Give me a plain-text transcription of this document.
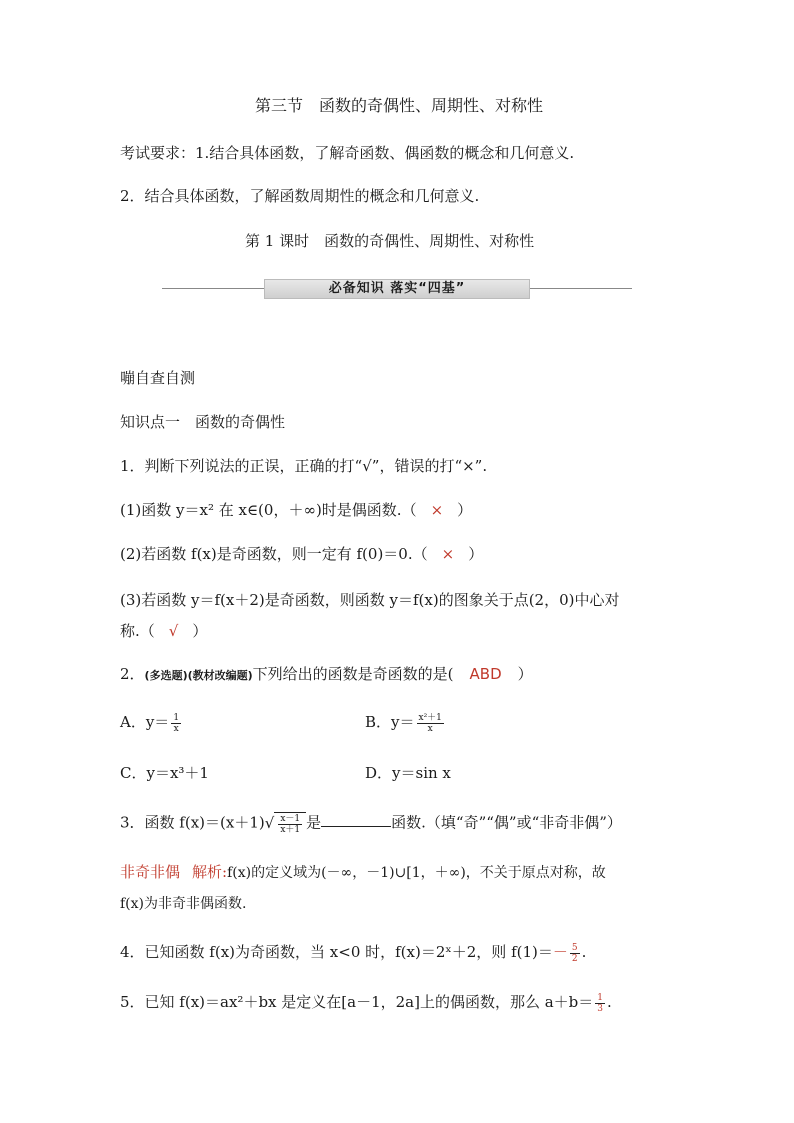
第三节　函数的奇偶性、周期性、对称性
考试要求：1.结合具体函数，了解奇函数、偶函数的概念和几何意义.
2．结合具体函数，了解函数周期性的概念和几何意义.
第 1 课时　函数的奇偶性、周期性、对称性
必备知识 落实“四基”
嘣自查自测
知识点一　函数的奇偶性
1．判断下列说法的正误，正确的打“√”，错误的打“×”.
(1)函数 y＝x² 在 x∈(0，＋∞)时是偶函数.（ × ）
(2)若函数 f(x)是奇函数，则一定有 f(0)＝0.（ × ）
(3)若函数 y＝f(x＋2)是奇函数，则函数 y＝f(x)的图象关于点(2，0)中心对
称.（ √ ）
2．(多选题)(教材改编题)下列给出的函数是奇函数的是( ABD ）
A．$y= \frac{1}{x}$	B．$y= \frac{\text{x²＋1}}{x}$
C．y＝x³＋1	D．y＝sin x
3．函数 $f(x)=(x+1)√ \frac{x-1}{x+1}$ 是	函数.（填“奇”“偶”或“非奇非偶”）
非奇非偶 解析:f(x)的定义域为(－∞，－1)∪[1，＋∞)，不关于原点对称，故
f(x)为非奇非偶函数.
4．已知函数 f(x)为奇函数，当 x<0 时，f(x)＝2ˣ＋2，则 $f(1)=- \frac{5}{2}$ .
5．已知 f(x)＝ax²＋bx 是定义在[a－1，2a]上的偶函数，那么 $a+b= \frac{1}{3}$ .
